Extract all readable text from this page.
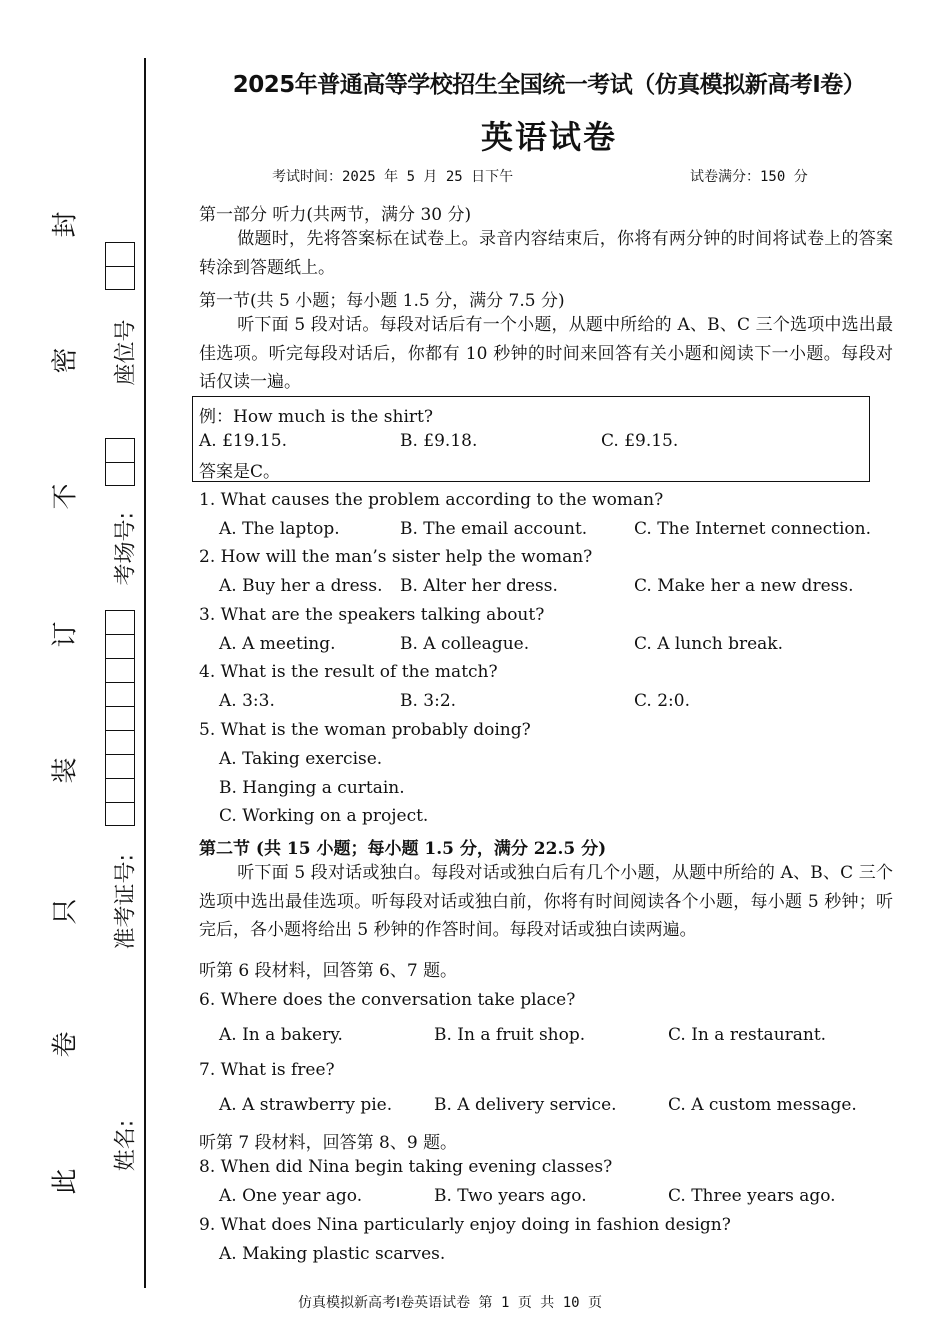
封
密
不
订
装
只
卷
此
座位号
考场号:
准考证号:
姓名:
2025年普通高等学校招生全国统一考试（仿真模拟新高考Ⅰ卷）
英语试卷
考试时间：2025 年 5 月 25 日下午	试卷满分：150 分
第一部分 听力(共两节，满分 30 分)
做题时，先将答案标在试卷上。录音内容结束后，你将有两分钟的时间将试卷上的答案转涂到答题纸上。
第一节(共 5 小题；每小题 1.5 分，满分 7.5 分)
听下面 5 段对话。每段对话后有一个小题，从题中所给的 A、B、C 三个选项中选出最佳选项。听完每段对话后，你都有 10 秒钟的时间来回答有关小题和阅读下一小题。每段对话仅读一遍。
例：How much is the shirt?
A. £19.15.	B. £9.18.	C. £9.15.
答案是C。
1. What causes the problem according to the woman?
A. The laptop.	B. The email account.	C. The Internet connection.
2. How will the man’s sister help the woman?
A. Buy her a dress. B. Alter her dress.	C. Make her a new dress.
3. What are the speakers talking about?
A. A meeting.	B. A colleague.	C. A lunch break.
4. What is the result of the match?
A. 3:3.	B. 3:2.	C. 2:0.
5. What is the woman probably doing?
A. Taking exercise.
B. Hanging a curtain.
C. Working on a project.
第二节 (共 15 小题；每小题 1.5 分，满分 22.5 分)
听下面 5 段对话或独白。每段对话或独白后有几个小题，从题中所给的 A、B、C 三个选项中选出最佳选项。听每段对话或独白前，你将有时间阅读各个小题，每小题 5 秒钟；听完后，各小题将给出 5 秒钟的作答时间。每段对话或独白读两遍。
听第 6 段材料，回答第 6、7 题。
6. Where does the conversation take place?
A. In a bakery.	B. In a fruit shop.	C. In a restaurant.
7. What is free?
A. A strawberry pie. B. A delivery service.	C. A custom message.
听第 7 段材料，回答第 8、9 题。
8. When did Nina begin taking evening classes?
A. One year ago.	B. Two years ago.	C. Three years ago.
9. What does Nina particularly enjoy doing in fashion design?
A. Making plastic scarves.
仿真模拟新高考Ⅰ卷英语试卷 第 1 页 共 10 页
